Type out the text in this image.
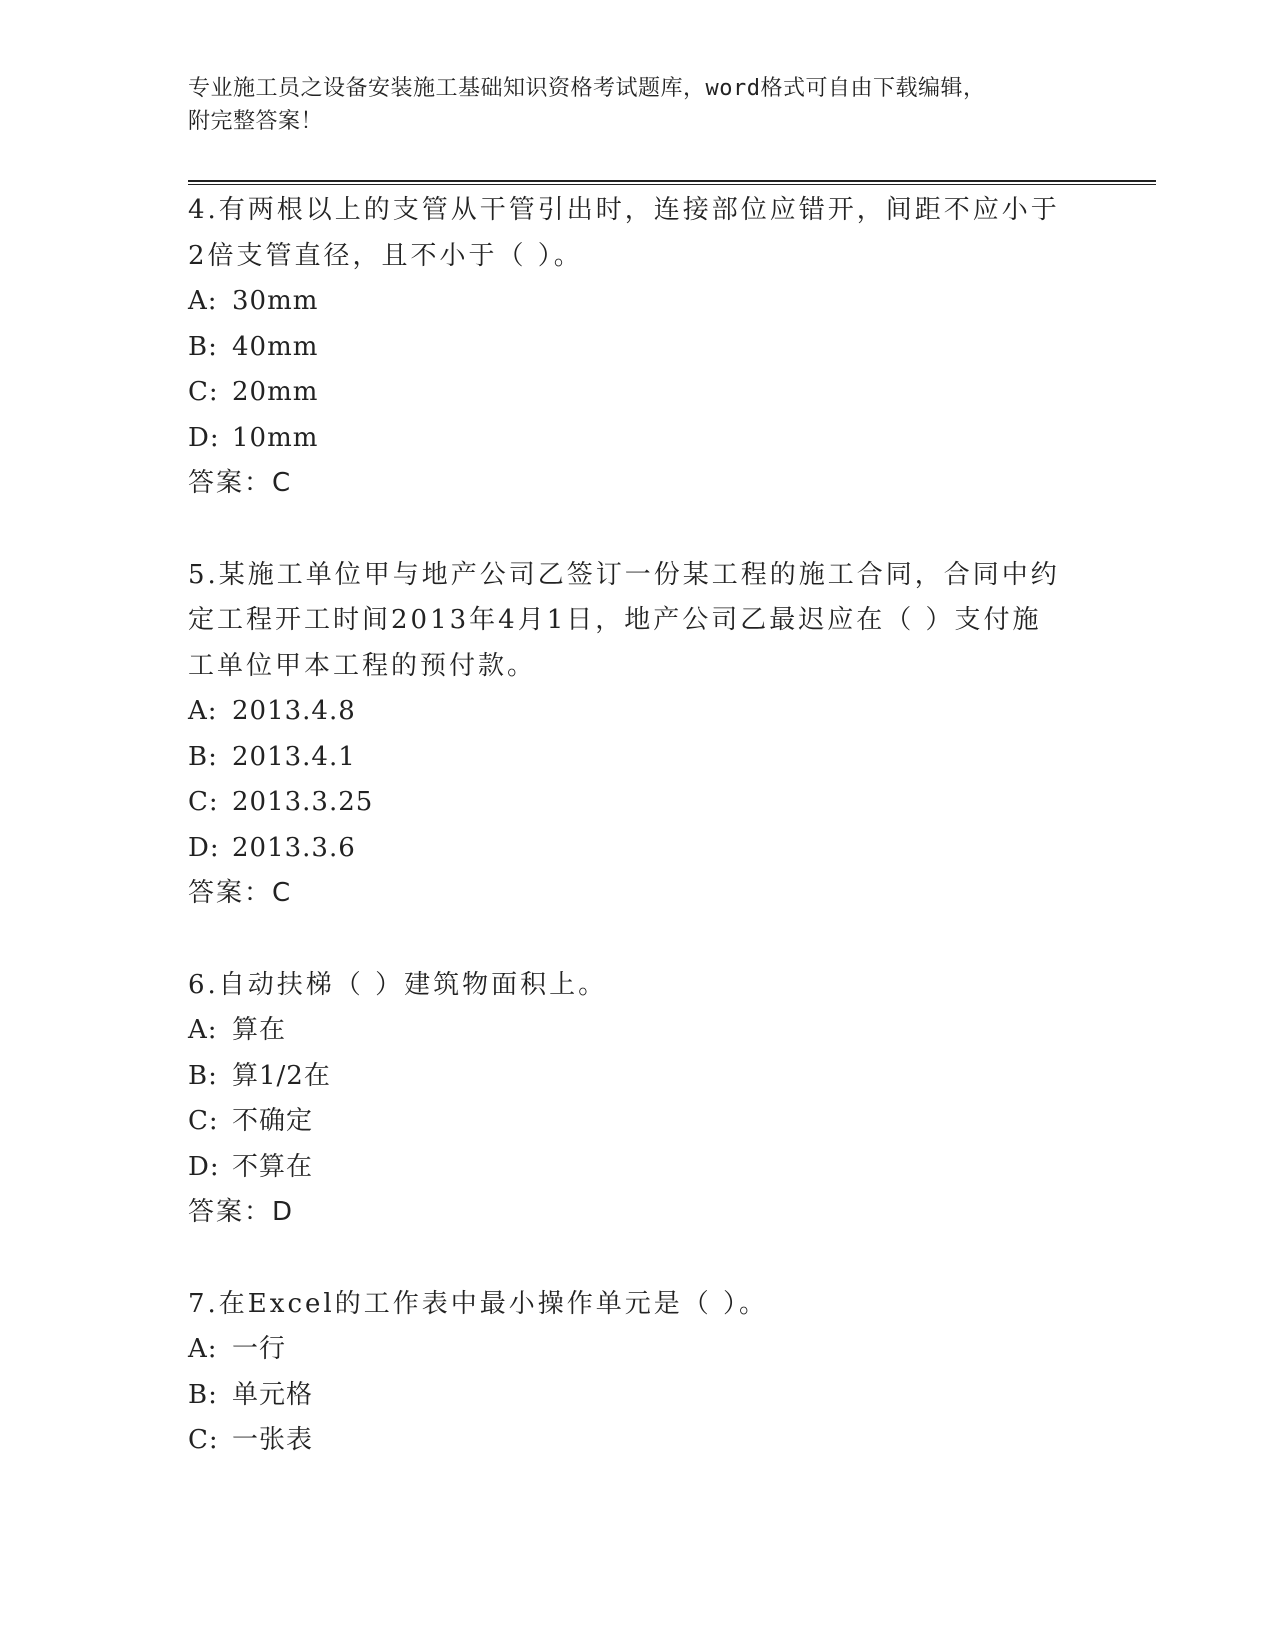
专业施工员之设备安装施工基础知识资格考试题库，word格式可自由下载编辑，
附完整答案！
4.有两根以上的支管从干管引出时，连接部位应错开，间距不应小于
2倍支管直径，且不小于（ ）。
A: 30mm
B: 40mm
C: 20mm
D: 10mm
答案：C
5.某施工单位甲与地产公司乙签订一份某工程的施工合同，合同中约
定工程开工时间2013年4月1日，地产公司乙最迟应在（ ）支付施
工单位甲本工程的预付款。
A: 2013.4.8
B: 2013.4.1
C: 2013.3.25
D: 2013.3.6
答案：C
6.自动扶梯（ ）建筑物面积上。
A: 算在
B: 算1/2在
C: 不确定
D: 不算在
答案：D
7.在Excel的工作表中最小操作单元是（ ）。
A: 一行
B: 单元格
C: 一张表
